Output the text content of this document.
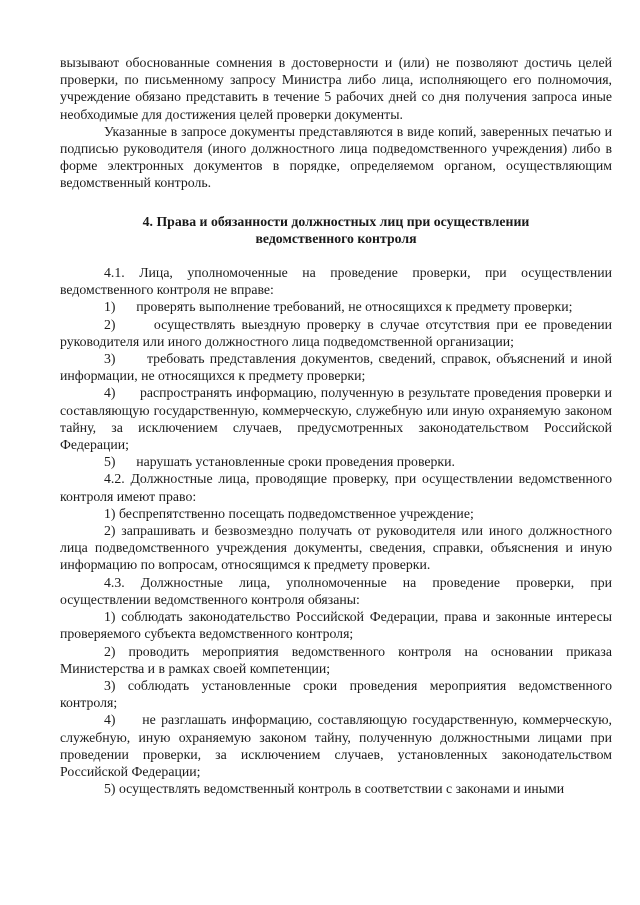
вызывают обоснованные сомнения в достоверности и (или) не позволяют достичь целей проверки, по письменному запросу Министра либо лица, исполняющего его полномочия, учреждение обязано представить в течение 5 рабочих дней со дня получения запроса иные необходимые для достижения целей проверки документы.

Указанные в запросе документы представляются в виде копий, заверенных печатью и подписью руководителя (иного должностного лица подведомственного учреждения) либо в форме электронных документов в порядке, определяемом органом, осуществляющим ведомственный контроль.

4. Права и обязанности должностных лиц при осуществлении
ведомственного контроля

4.1. Лица, уполномоченные на проведение проверки, при осуществлении ведомственного контроля не вправе:

1)      проверять выполнение требований, не относящихся к предмету проверки;

2)      осуществлять выездную проверку в случае отсутствия при ее проведении руководителя или иного должностного лица подведомственной организации;

3)      требовать представления документов, сведений, справок, объяснений и иной информации, не относящихся к предмету проверки;

4)      распространять информацию, полученную в результате проведения проверки и составляющую государственную, коммерческую, служебную или иную охраняемую законом тайну, за исключением случаев, предусмотренных законодательством Российской Федерации;

5)      нарушать установленные сроки проведения проверки.

4.2. Должностные лица, проводящие проверку, при осуществлении ведомственного контроля имеют право:

1) беспрепятственно посещать подведомственное учреждение;

2) запрашивать и безвозмездно получать от руководителя или иного должностного лица подведомственного учреждения документы, сведения, справки, объяснения и иную информацию по вопросам, относящимся к предмету проверки.

4.3. Должностные лица, уполномоченные на проведение проверки, при осуществлении ведомственного контроля обязаны:

1) соблюдать законодательство Российской Федерации, права и законные интересы проверяемого субъекта ведомственного контроля;

2) проводить мероприятия ведомственного контроля на основании приказа Министерства и в рамках своей компетенции;

3) соблюдать установленные сроки проведения мероприятия ведомственного контроля;

4)     не разглашать информацию, составляющую государственную, коммерческую, служебную, иную охраняемую законом тайну, полученную должностными лицами при проведении проверки, за исключением случаев, установленных законодательством Российской Федерации;

5) осуществлять ведомственный контроль в соответствии с законами и иными
